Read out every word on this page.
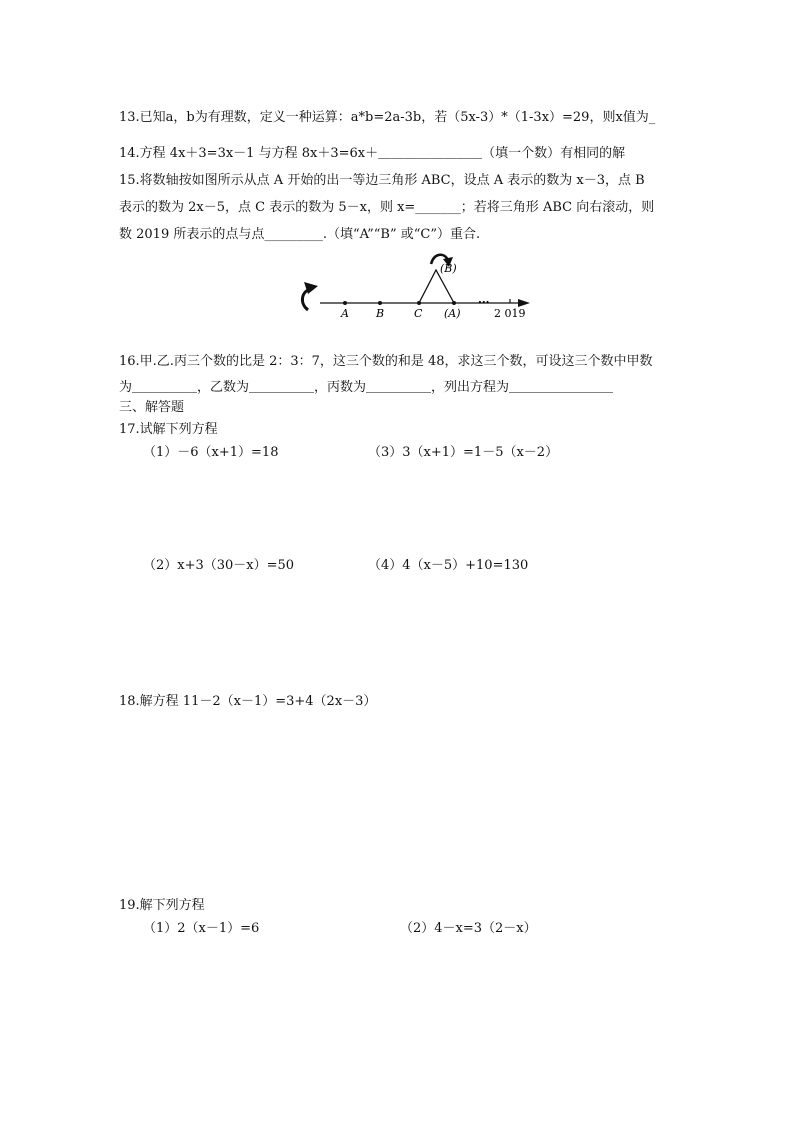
13.已知a，b为有理数，定义一种运算：a*b=2a-3b，若（5x-3）*（1-3x）=29，则x值为_
14.方程 4x＋3=3x－1 与方程 8x＋3=6x＋＿＿＿＿＿＿＿＿（填一个数）有相同的解
15.将数轴按如图所示从点 A 开始的出一等边三角形 ABC，设点 A 表示的数为 x－3，点 B
表示的数为 2x－5，点 C 表示的数为 5－x，则 x=_______；若将三角形 ABC 向右滚动，则
数 2019 所表示的点与点_________.（填“A”“B” 或“C”）重合.
A B	C (A)
(B)
···
2 019
16.甲.乙.丙三个数的比是 2：3：7，这三个数的和是 48，求这三个数，可设这三个数中甲数
为＿＿＿＿＿，乙数为＿＿＿＿＿，丙数为＿＿＿＿＿，列出方程为＿＿＿＿＿＿＿＿
三、解答题
17.试解下列方程
（1）－6（x+1）=18	（3）3（x+1）=1－5（x－2）
（2）x+3（30－x）=50	（4）4（x－5）+10=130
18.解方程 11－2（x－1）=3+4（2x－3）
19.解下列方程
（1）2（x－1）=6	（2）4－x=3（2－x）
